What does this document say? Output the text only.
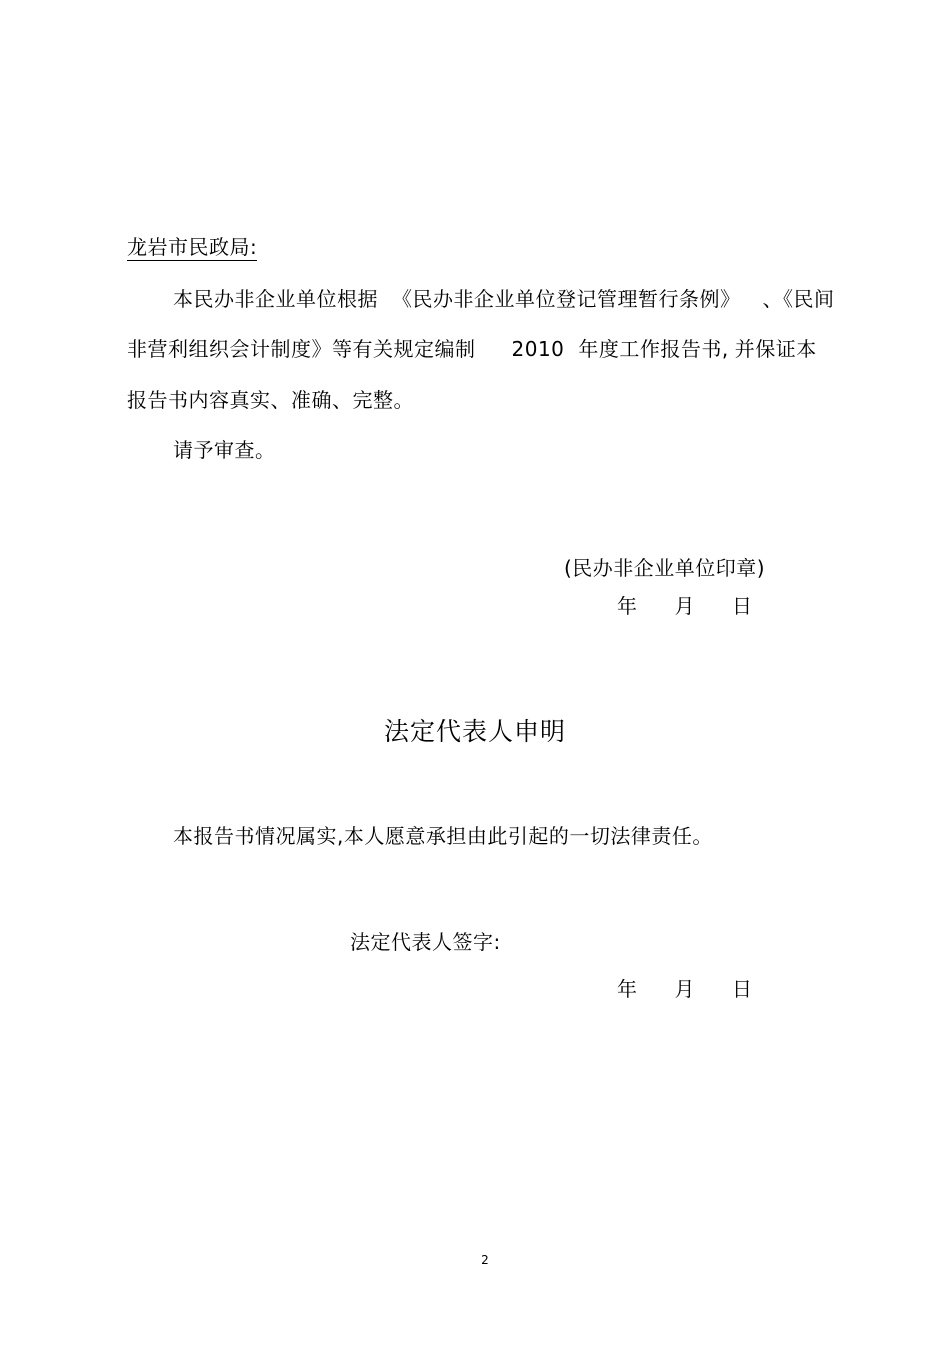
龙岩市民政局:
本民办非企业单位根据 《民办非企业单位登记管理暂行条例》 、《民间
非营利组织会计制度》等有关规定编制 2010 年度工作报告书, 并保证本
报告书内容真实、准确、完整。
请予审查。
(民办非企业单位印章)
年 月 日
法定代表人申明
本报告书情况属实,本人愿意承担由此引起的一切法律责任。
法定代表人签字:
年 月 日
2
